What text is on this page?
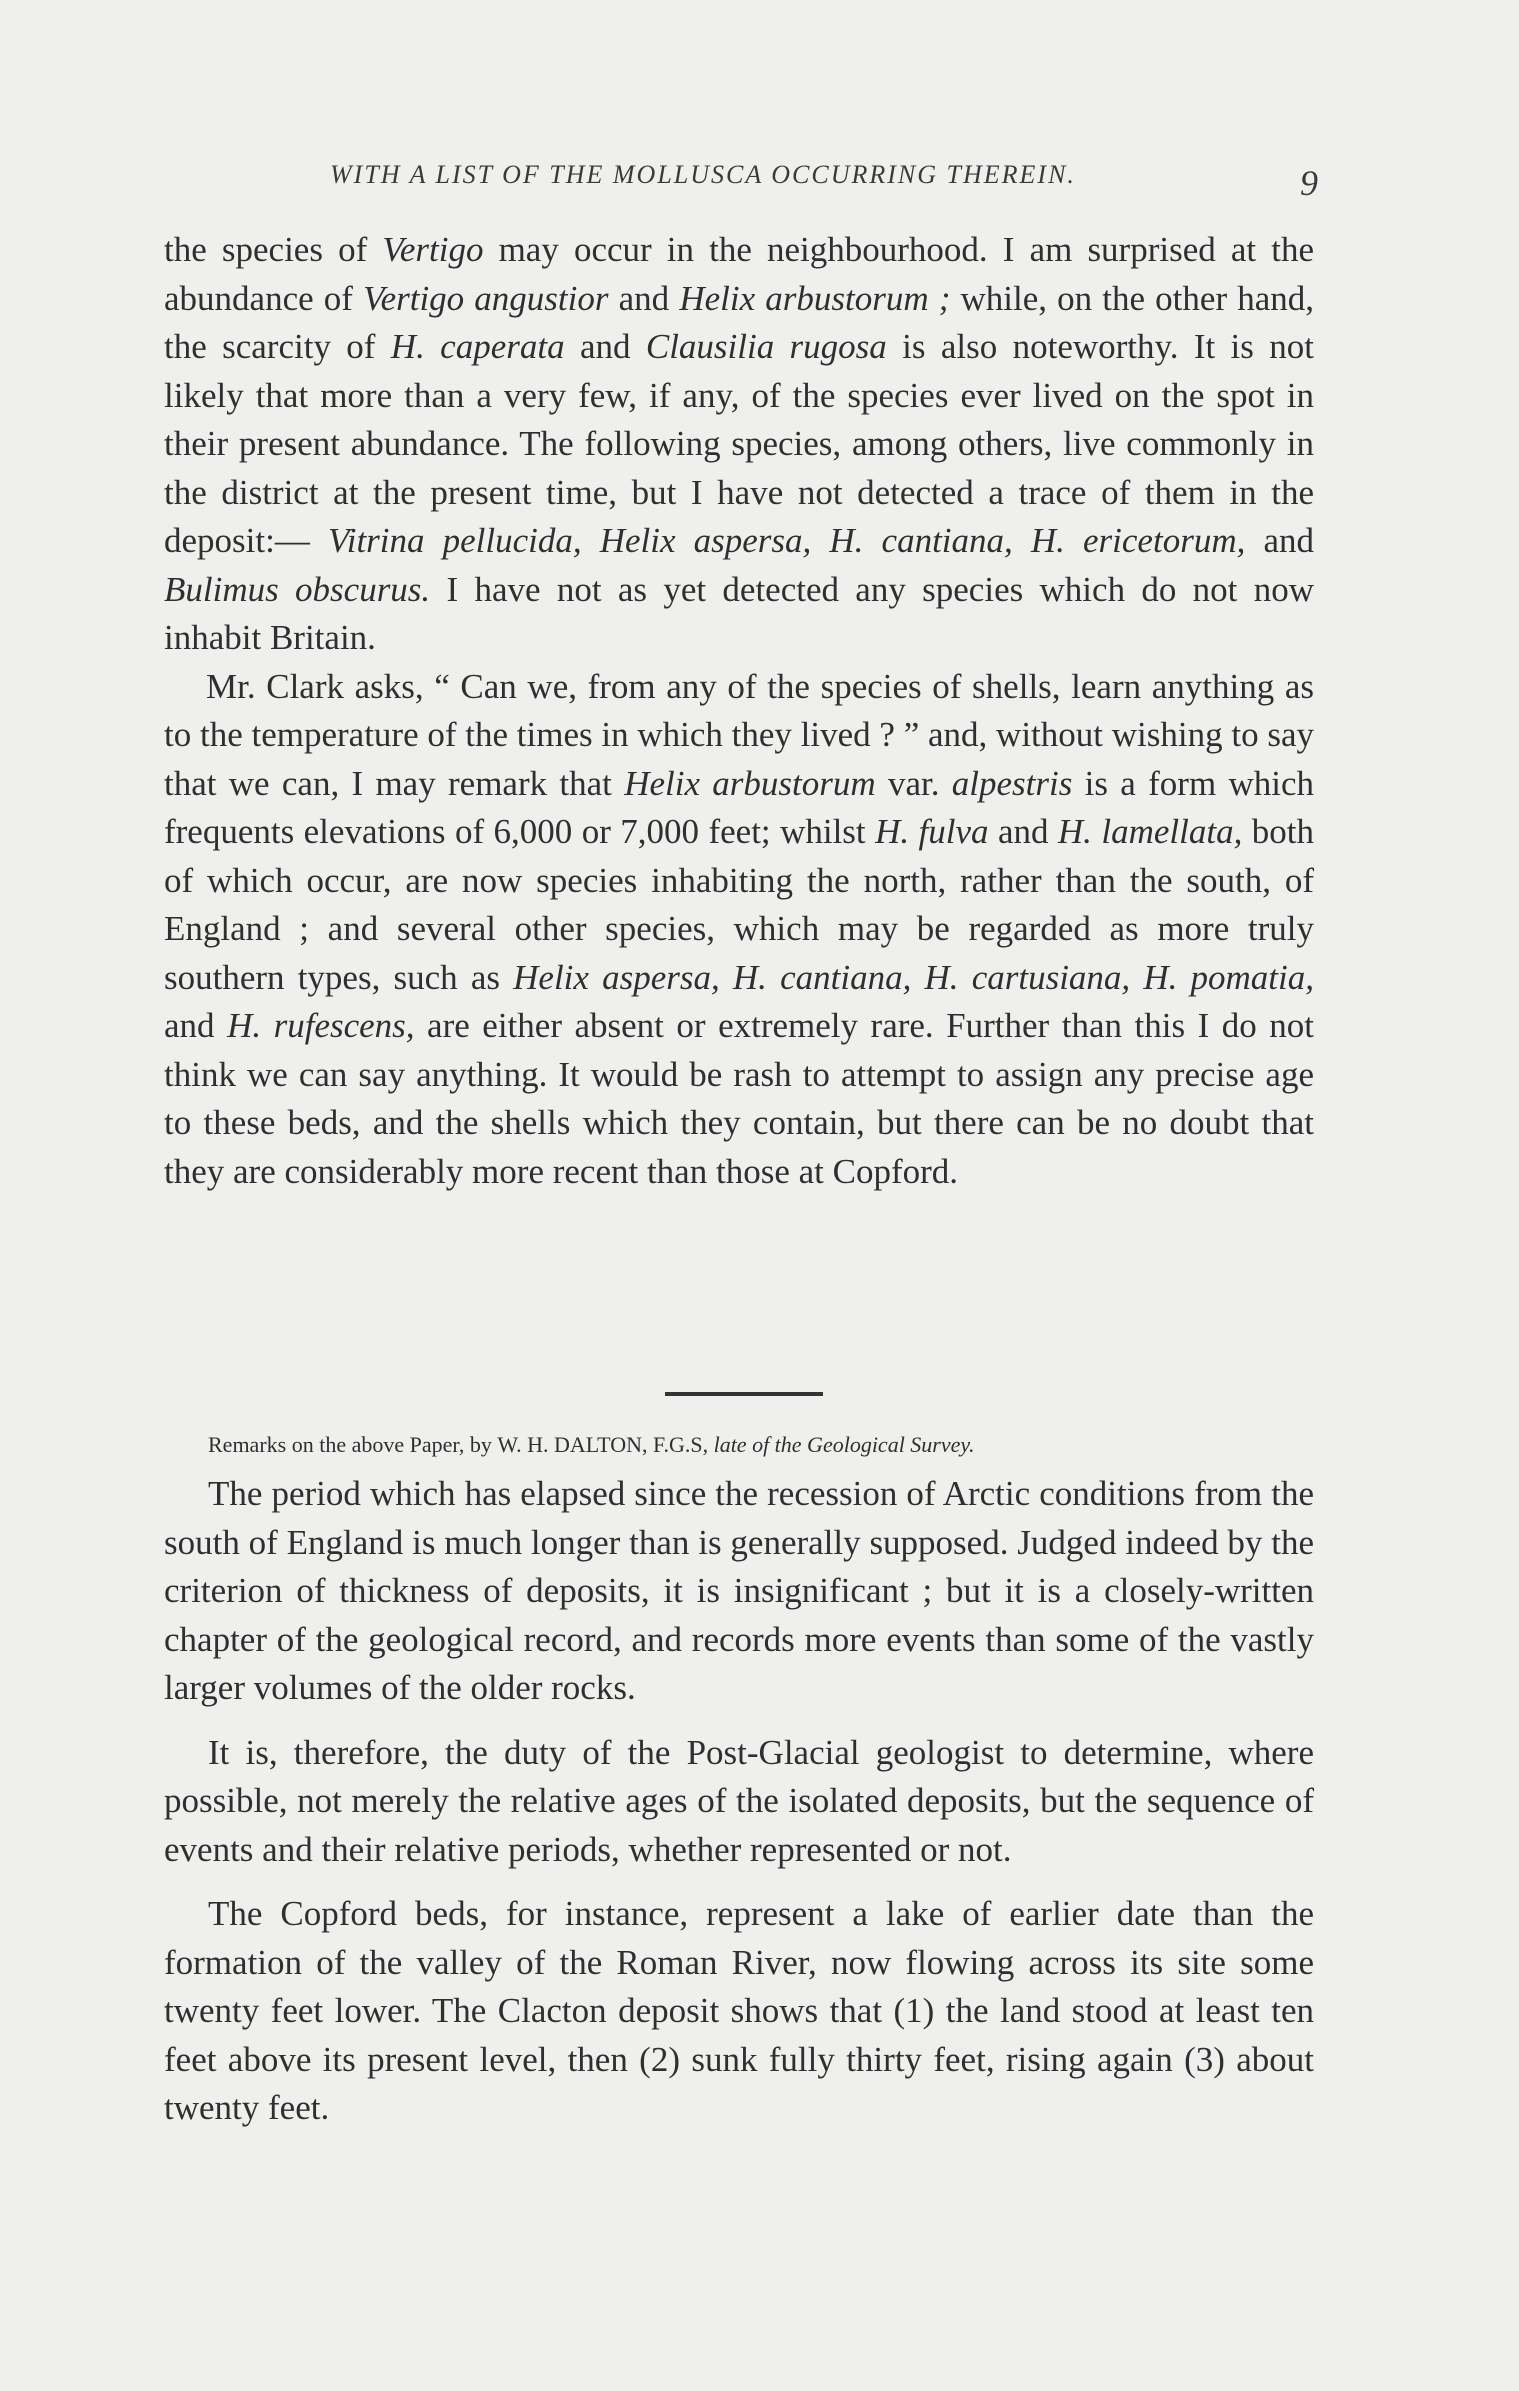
WITH A LIST OF THE MOLLUSCA OCCURRING THEREIN.	9

the species of Vertigo may occur in the neighbourhood. I am surprised at the abundance of Vertigo angustior and Helix arbustorum ; while, on the other hand, the scarcity of H. caperata and Clausilia rugosa is also noteworthy. It is not likely that more than a very few, if any, of the species ever lived on the spot in their present abundance. The following species, among others, live commonly in the district at the present time, but I have not detected a trace of them in the deposit:— Vitrina pellucida, Helix aspersa, H. cantiana, H. ericetorum, and Bulimus obscurus. I have not as yet detected any species which do not now inhabit Britain.

Mr. Clark asks, “ Can we, from any of the species of shells, learn anything as to the temperature of the times in which they lived ? ” and, without wishing to say that we can, I may remark that Helix arbustorum var. alpestris is a form which frequents elevations of 6,000 or 7,000 feet; whilst H. fulva and H. lamellata, both of which occur, are now species inhabiting the north, rather than the south, of England ; and several other species, which may be regarded as more truly southern types, such as Helix aspersa, H. cantiana, H. cartusiana, H. pomatia, and H. rufescens, are either absent or extremely rare. Further than this I do not think we can say anything. It would be rash to attempt to assign any precise age to these beds, and the shells which they contain, but there can be no doubt that they are considerably more recent than those at Copford.

Remarks on the above Paper, by W. H. DALTON, F.G.S, late of the Geological Survey.

The period which has elapsed since the recession of Arctic conditions from the south of England is much longer than is generally supposed. Judged indeed by the criterion of thickness of deposits, it is insignificant ; but it is a closely-written chapter of the geological record, and records more events than some of the vastly larger volumes of the older rocks.

It is, therefore, the duty of the Post-Glacial geologist to determine, where possible, not merely the relative ages of the isolated deposits, but the sequence of events and their relative periods, whether represented or not.

The Copford beds, for instance, represent a lake of earlier date than the formation of the valley of the Roman River, now flowing across its site some twenty feet lower. The Clacton deposit shows that (1) the land stood at least ten feet above its present level, then (2) sunk fully thirty feet, rising again (3) about twenty feet.
